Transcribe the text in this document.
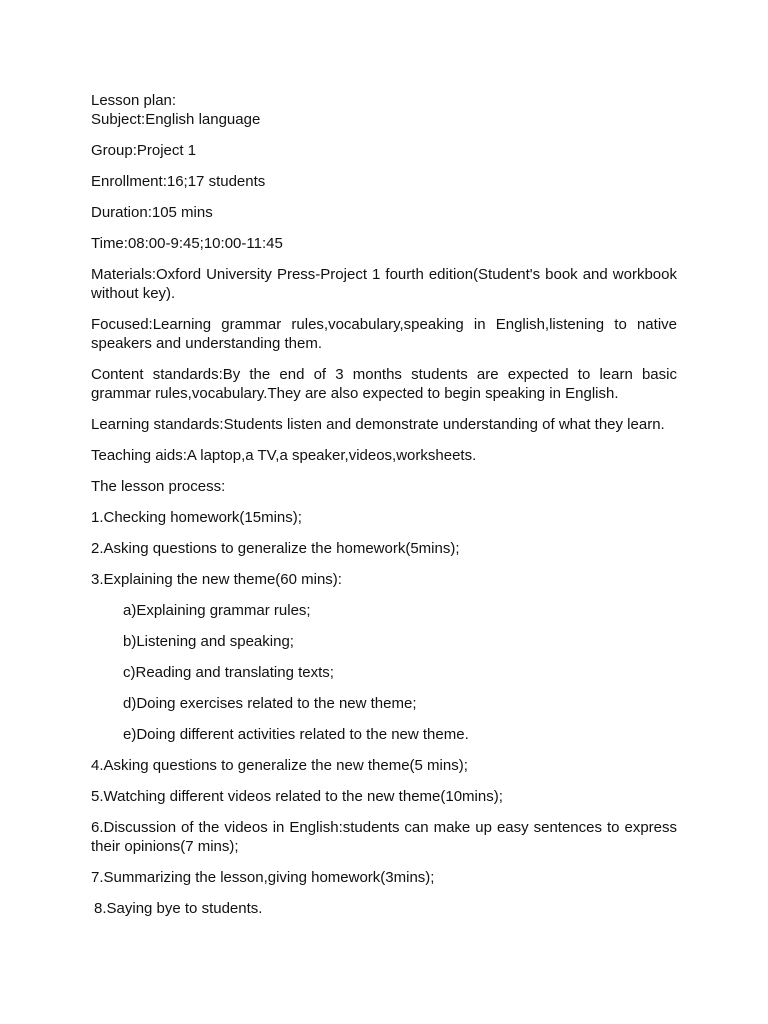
Lesson plan:

Subject:English language

Group:Project 1

Enrollment:16;17 students

Duration:105 mins

Time:08:00-9:45;10:00-11:45

Materials:Oxford University Press-Project 1 fourth edition(Student's book and workbook without key).

Focused:Learning grammar rules,vocabulary,speaking in English,listening to native speakers and understanding them.

Content standards:By the end of 3 months students are expected to learn basic grammar rules,vocabulary.They are also expected to begin speaking in English.

Learning standards:Students listen and demonstrate understanding of what they learn.

Teaching aids:A laptop,a TV,a speaker,videos,worksheets.

The lesson process:

1.Checking homework(15mins);

2.Asking questions to generalize the homework(5mins);

3.Explaining the new theme(60 mins):

a)Explaining grammar rules;

b)Listening and speaking;

c)Reading and translating texts;

d)Doing exercises related to the new theme;

e)Doing different activities related to the new theme.

4.Asking questions to generalize the new theme(5 mins);

5.Watching different videos related to the new theme(10mins);

6.Discussion of the videos in English:students can make up easy sentences to express their opinions(7 mins);

7.Summarizing the lesson,giving homework(3mins);

8.Saying bye to students.
